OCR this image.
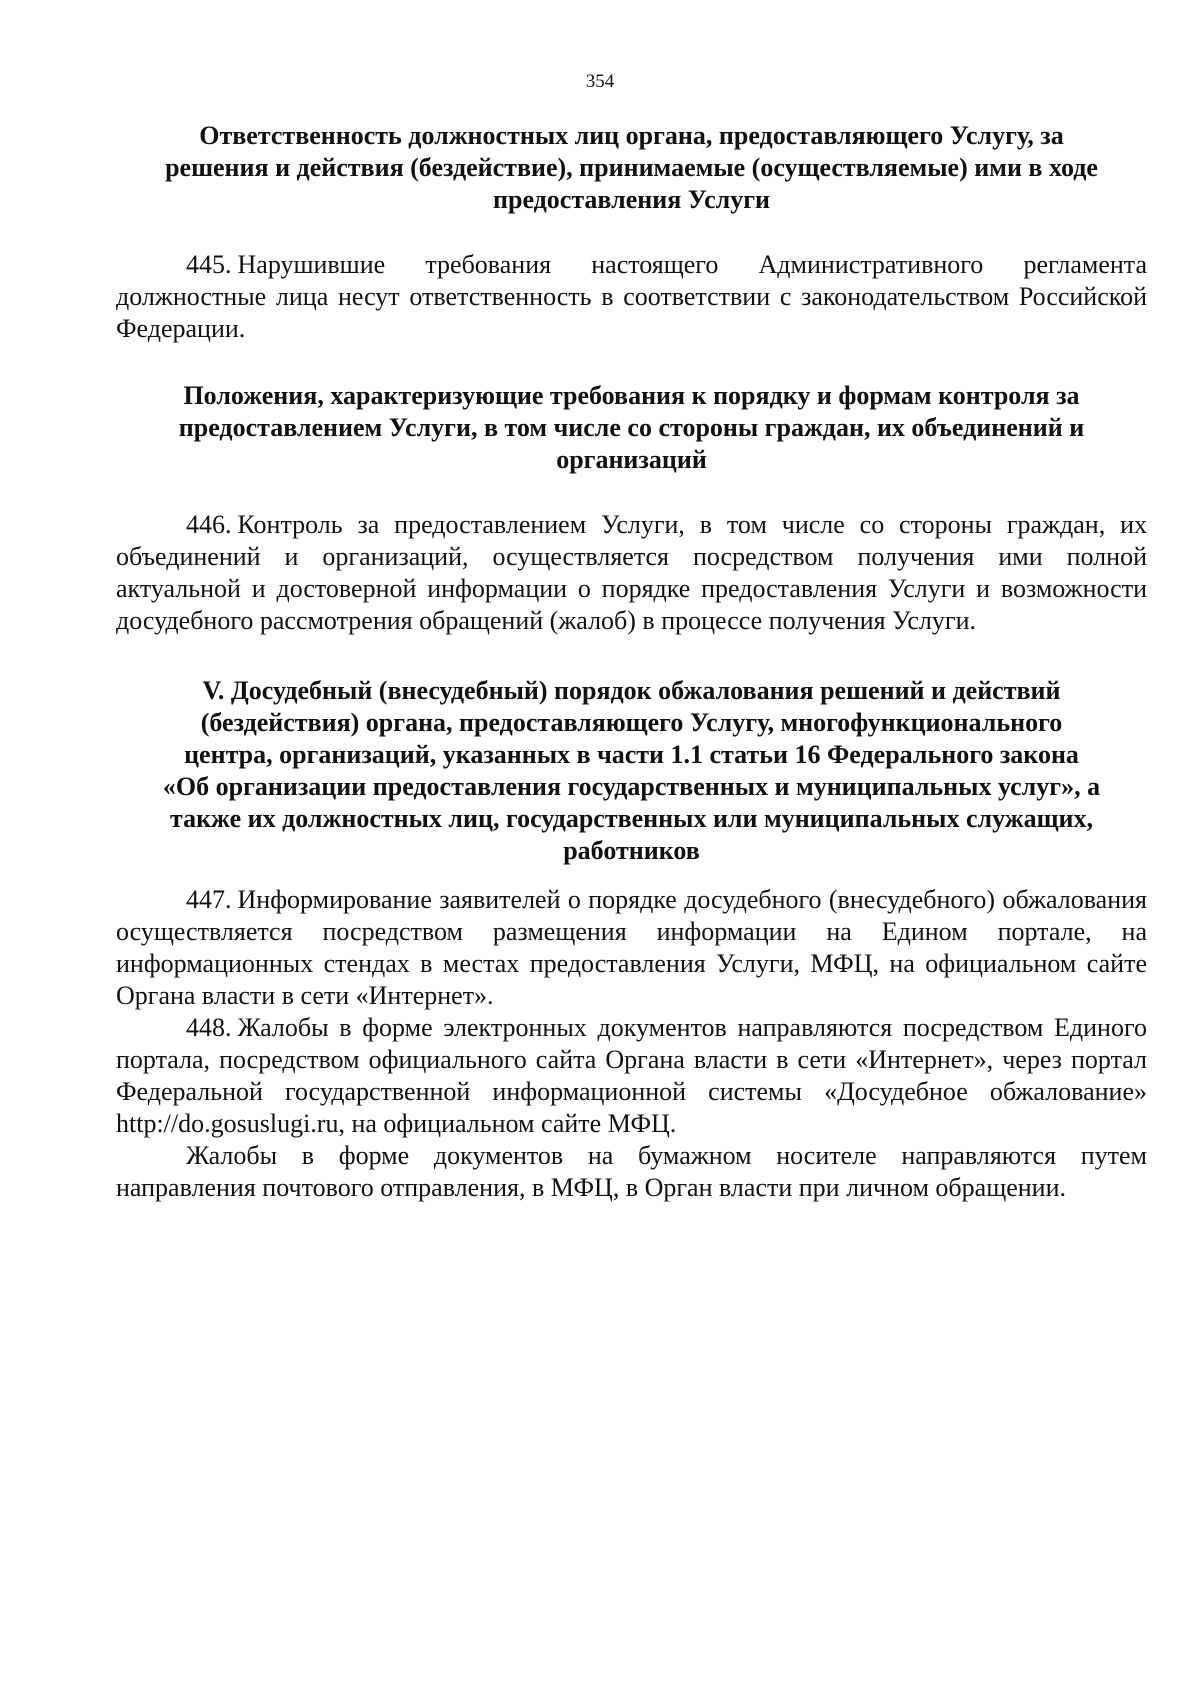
354
Ответственность должностных лиц органа, предоставляющего Услугу, за
решения и действия (бездействие), принимаемые (осуществляемые) ими в ходе
предоставления Услуги

445. Нарушившие требования настоящего Административного регламента должностные лица несут ответственность в соответствии с законодательством Российской Федерации.

Положения, характеризующие требования к порядку и формам контроля за
предоставлением Услуги, в том числе со стороны граждан, их объединений и
организаций

446. Контроль за предоставлением Услуги, в том числе со стороны граждан, их объединений и организаций, осуществляется посредством получения ими полной актуальной и достоверной информации о порядке предоставления Услуги и возможности досудебного рассмотрения обращений (жалоб) в процессе получения Услуги.

V. Досудебный (внесудебный) порядок обжалования решений и действий
(бездействия) органа, предоставляющего Услугу, многофункционального
центра, организаций, указанных в части 1.1 статьи 16 Федерального закона
«Об организации предоставления государственных и муниципальных услуг», а
также их должностных лиц, государственных или муниципальных служащих,
работников

447. Информирование заявителей о порядке досудебного (внесудебного) обжалования осуществляется посредством размещения информации на Едином портале, на информационных стендах в местах предоставления Услуги, МФЦ, на официальном сайте Органа власти в сети «Интернет».

448. Жалобы в форме электронных документов направляются посредством Единого портала, посредством официального сайта Органа власти в сети «Интернет», через портал Федеральной государственной информационной системы «Досудебное обжалование» http://do.gosuslugi.ru, на официальном сайте МФЦ.

Жалобы в форме документов на бумажном носителе направляются путем направления почтового отправления, в МФЦ, в Орган власти при личном обращении.
